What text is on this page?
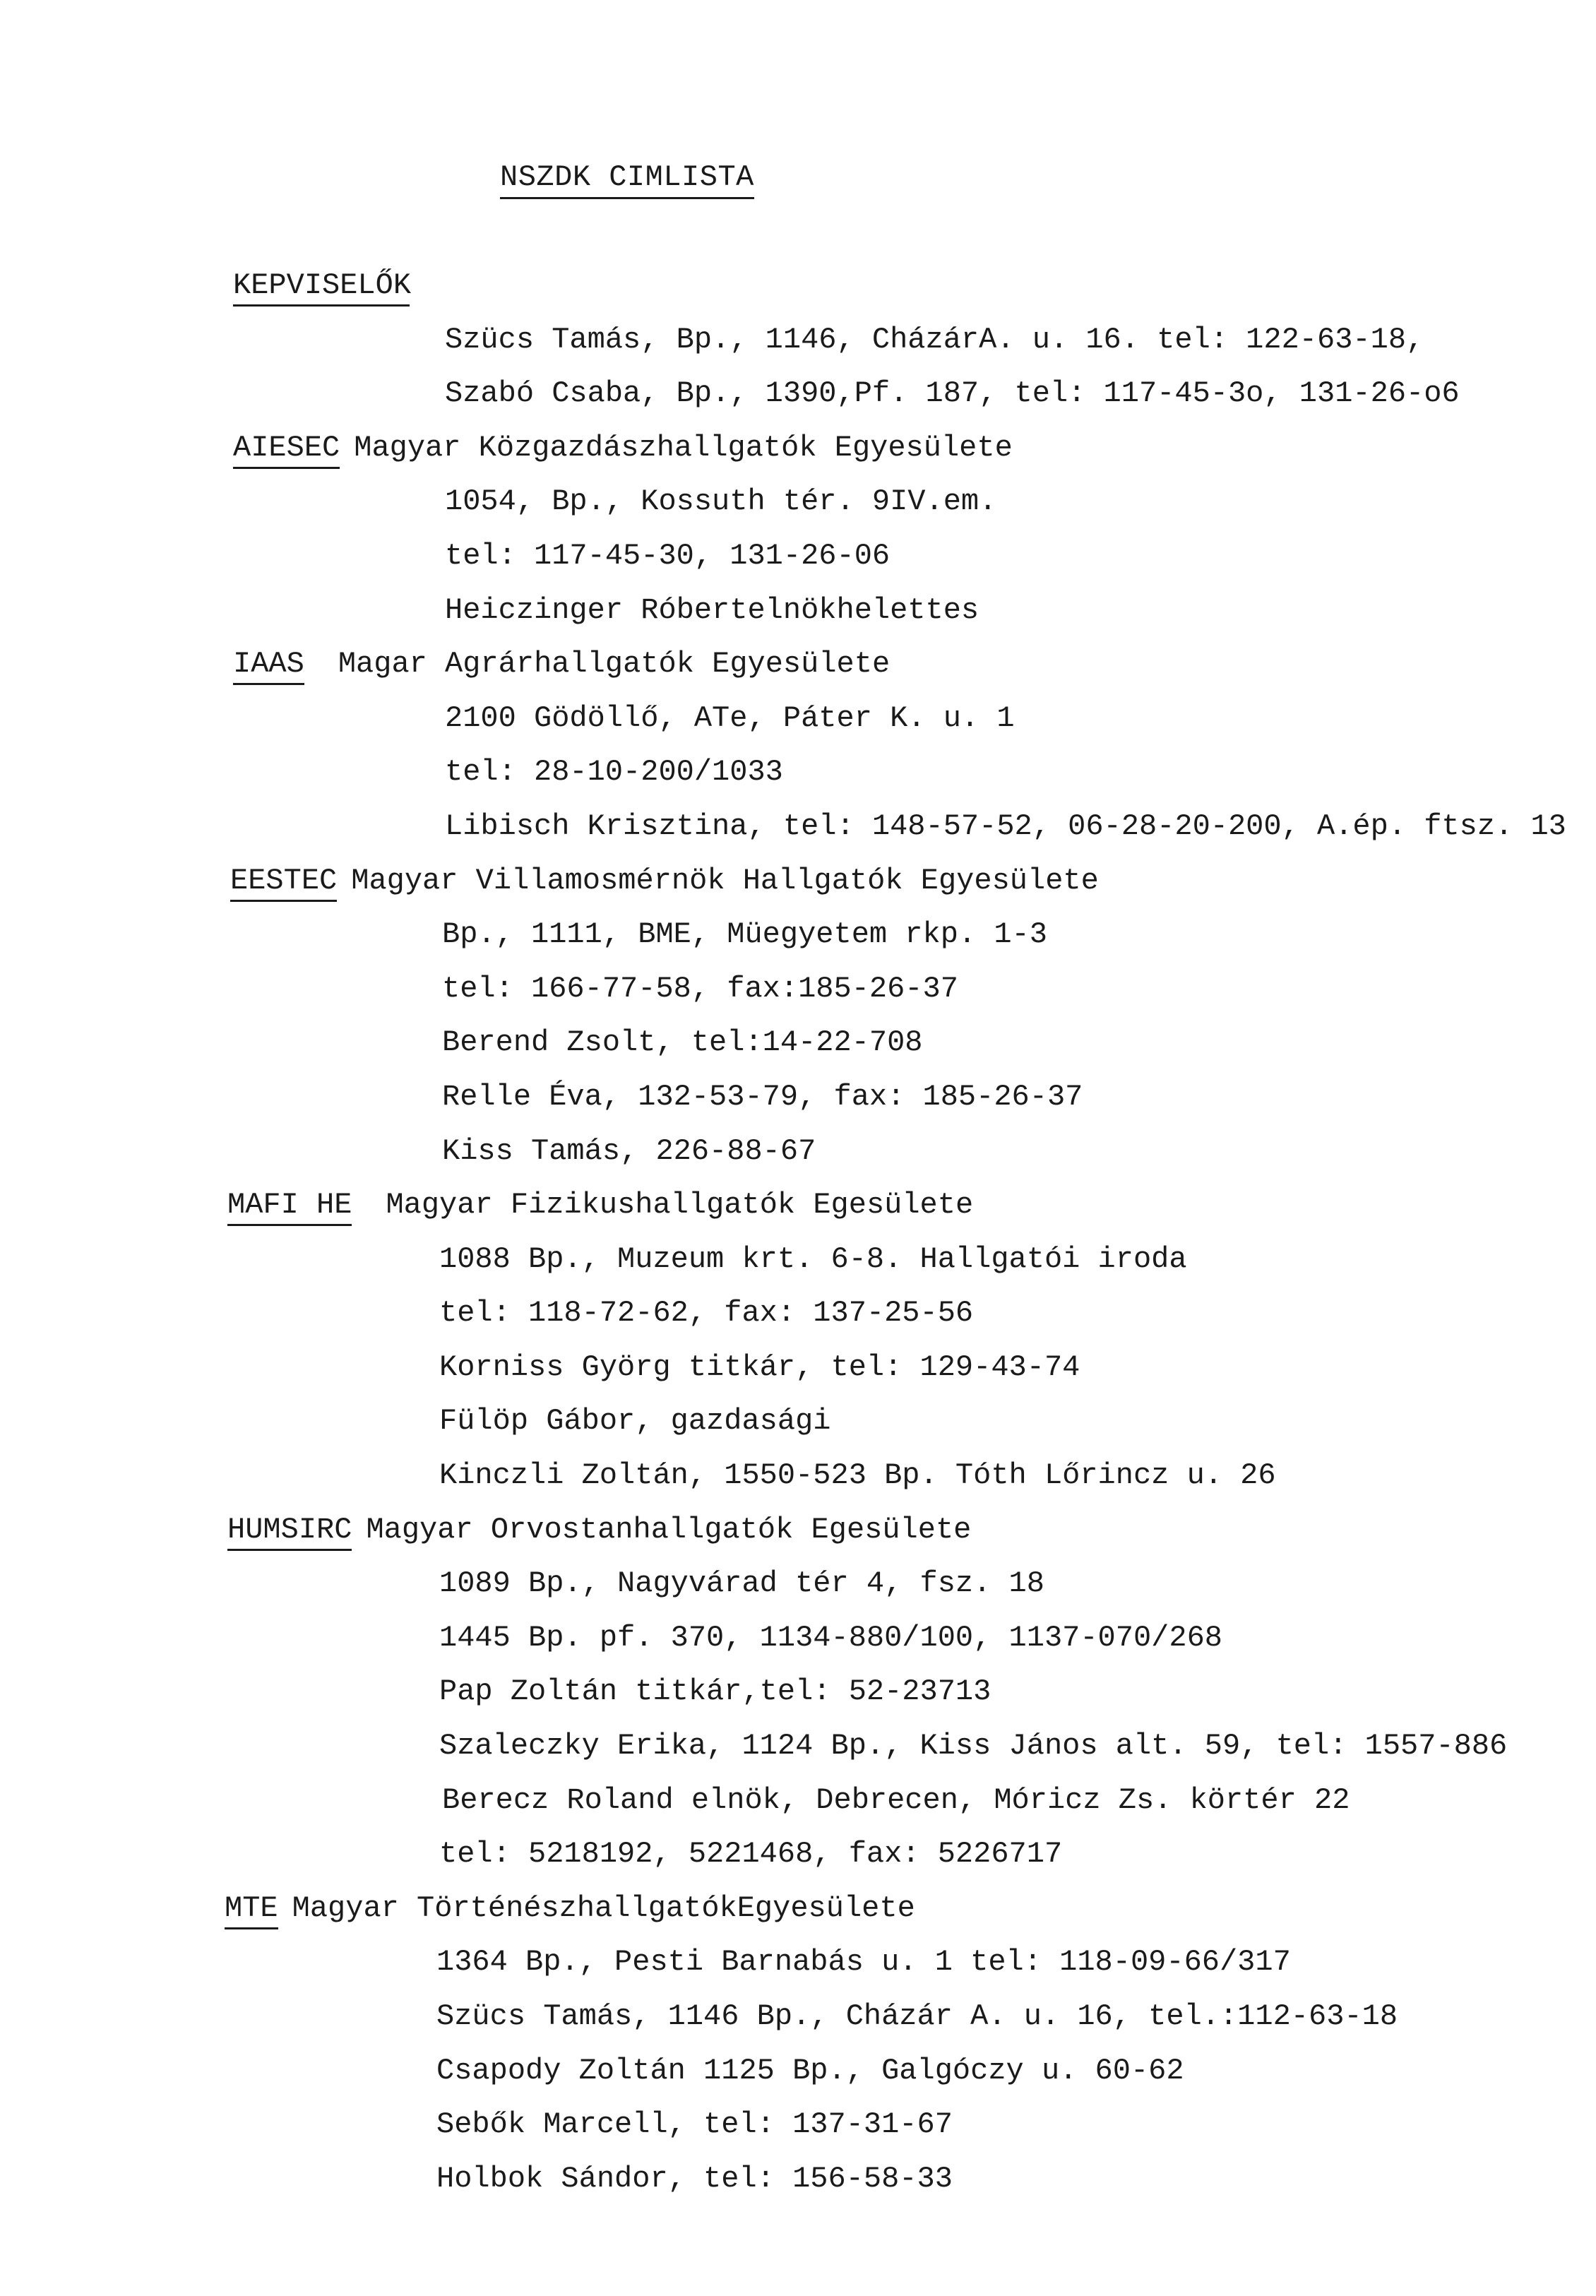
NSZDK CIMLISTA
KEPVISELŐK
Szücs Tamás, Bp., 1146, CházárA. u. 16. tel: 122-63-18,
Szabó Csaba, Bp., 1390,Pf. 187, tel: 117-45-3o, 131-26-o6
AIESEC Magyar Közgazdászhallgatók Egyesülete
1054, Bp., Kossuth tér. 9IV.em.
tel: 117-45-30, 131-26-06
Heiczinger Róbertelnökhelettes
IAAS Magar Agrárhallgatók Egyesülete
2100 Gödöllő, ATe, Páter K. u. 1
tel: 28-10-200/1033
Libisch Krisztina, tel: 148-57-52, 06-28-20-200, A.ép. ftsz. 13
EESTEC Magyar Villamosmérnök Hallgatók Egyesülete
Bp., 1111, BME, Müegyetem rkp. 1-3
tel: 166-77-58, fax:185-26-37
Berend Zsolt, tel:14-22-708
Relle Éva, 132-53-79, fax: 185-26-37
Kiss Tamás, 226-88-67
MAFI HE Magyar Fizikushallgatók Egesülete
1088 Bp., Muzeum krt. 6-8. Hallgatói iroda
tel: 118-72-62, fax: 137-25-56
Korniss Györg titkár, tel: 129-43-74
Fülöp Gábor, gazdasági
Kinczli Zoltán, 1550-523 Bp. Tóth Lőrincz u. 26
HUMSIRC Magyar Orvostanhallgatók Egesülete
1089 Bp., Nagyvárad tér 4, fsz. 18
1445 Bp. pf. 370, 1134-880/100, 1137-070/268
Pap Zoltán titkár,tel: 52-23713
Szaleczky Erika, 1124 Bp., Kiss János alt. 59, tel: 1557-886
Berecz Roland elnök, Debrecen, Móricz Zs. körtér 22
tel: 5218192, 5221468, fax: 5226717
MTE Magyar TörténészhallgatókEgyesülete
1364 Bp., Pesti Barnabás u. 1 tel: 118-09-66/317
Szücs Tamás, 1146 Bp., Cházár A. u. 16, tel.:112-63-18
Csapody Zoltán 1125 Bp., Galgóczy u. 60-62
Sebők Marcell, tel: 137-31-67
Holbok Sándor, tel: 156-58-33
